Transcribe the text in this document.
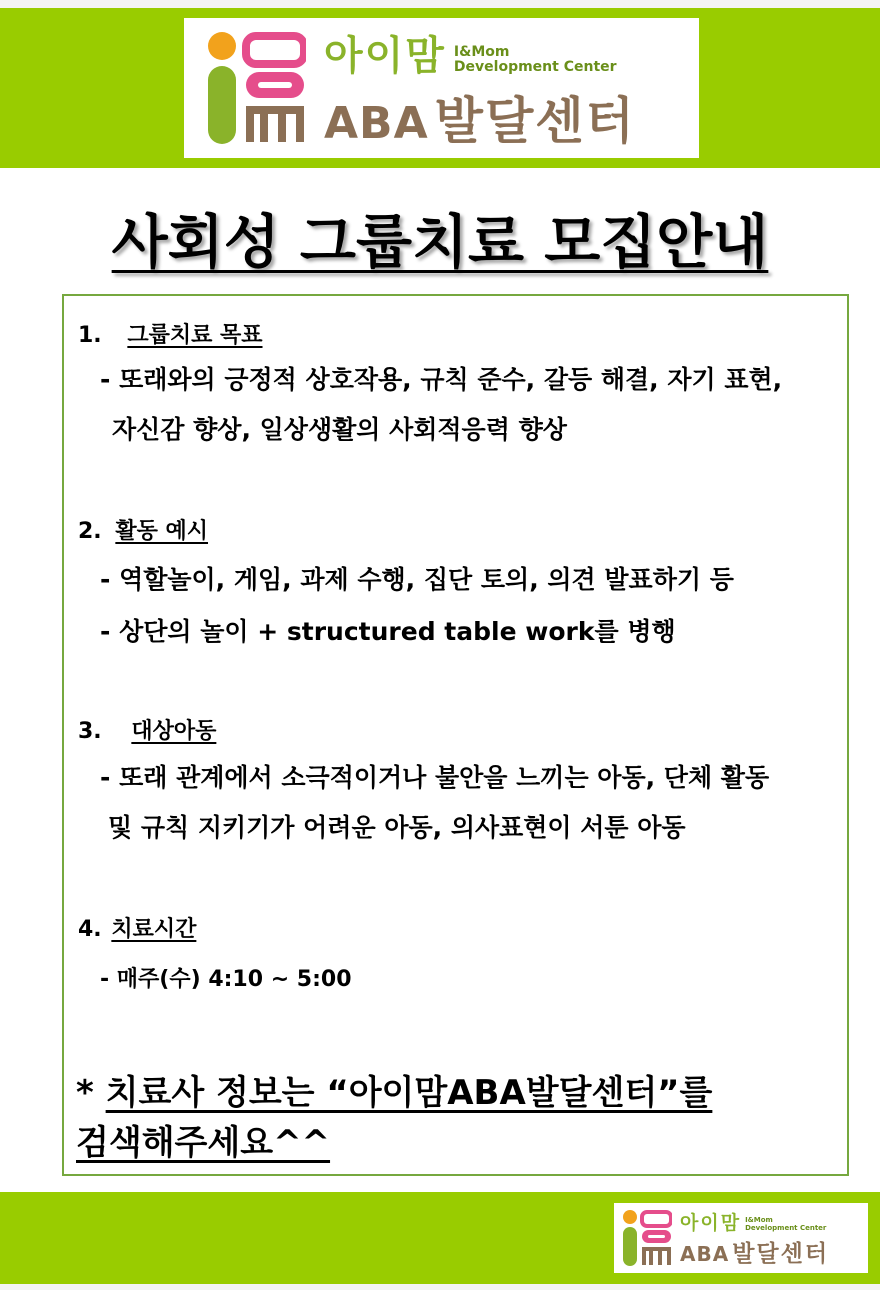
아이맘 I&Mom
Development Center
ABA 발달센터
사회성 그룹치료 모집안내
1. 그룹치료 목표
- 또래와의 긍정적 상호작용, 규칙 준수, 갈등 해결, 자기 표현,
자신감 향상, 일상생활의 사회적응력 향상
2. 활동 예시
- 역할놀이, 게임, 과제 수행, 집단 토의, 의견 발표하기 등
- 상단의 놀이 + structured table work를 병행
3. 대상아동
- 또래 관계에서 소극적이거나 불안을 느끼는 아동, 단체 활동
및 규칙 지키기가 어려운 아동, 의사표현이 서툰 아동
4. 치료시간
- 매주(수) 4:10 ~ 5:00
* 치료사 정보는 “아이맘ABA발달센터”를
검색해주세요^^
아이맘 I&Mom
Development Center
ABA 발달센터
